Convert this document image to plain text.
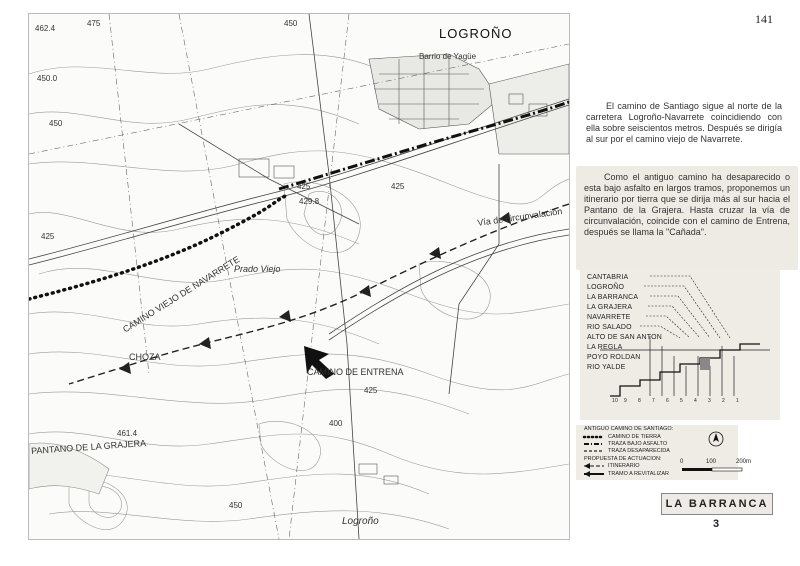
141
LOGROÑO
Barrio de Yagüe
CAMINO VIEJO DE NAVARRETE
Vía de circunvalación
Prado Viejo
CAMINO DE ENTRENA
CHOZA
PANTANO DE LA GRAJERA
Logroño
425
450
425
450
425
400
425
475	450
450.0
429.8
461.4
462.4

El camino de Santiago sigue al norte de la carretera Logroño-Navarrete coincidiendo con ella sobre seiscientos metros. Después se dirigía al sur por el camino viejo de Navarrete.

Como el antiguo camino ha desaparecido o esta bajo asfalto en largos tramos, proponemos un itinerario por tierra que se dirija más al sur hacia el Pantano de la Grajera. Hasta cruzar la vía de circunvalación, coincide con el camino de Entrena, después se llama la "Cañada".

CANTABRIA
LOGROÑO
LA BARRANCA
LA GRAJERA
NAVARRETE
RIO SALADO
ALTO DE SAN ANTON
LA REGLA
POYO ROLDAN
RIO YALDE
10 9 8 7 6 5 4 3 2 1
ANTIGUO CAMINO DE SANTIAGO:
CAMINO DE TIERRA
TRAZA BAJO ASFALTO
TRAZA DESAPARECIDA
PROPUESTA DE ACTUACION:
ITINERARIO
TRAMO A REVITALIZAR
0	100	200m
LA BARRANCA 3
